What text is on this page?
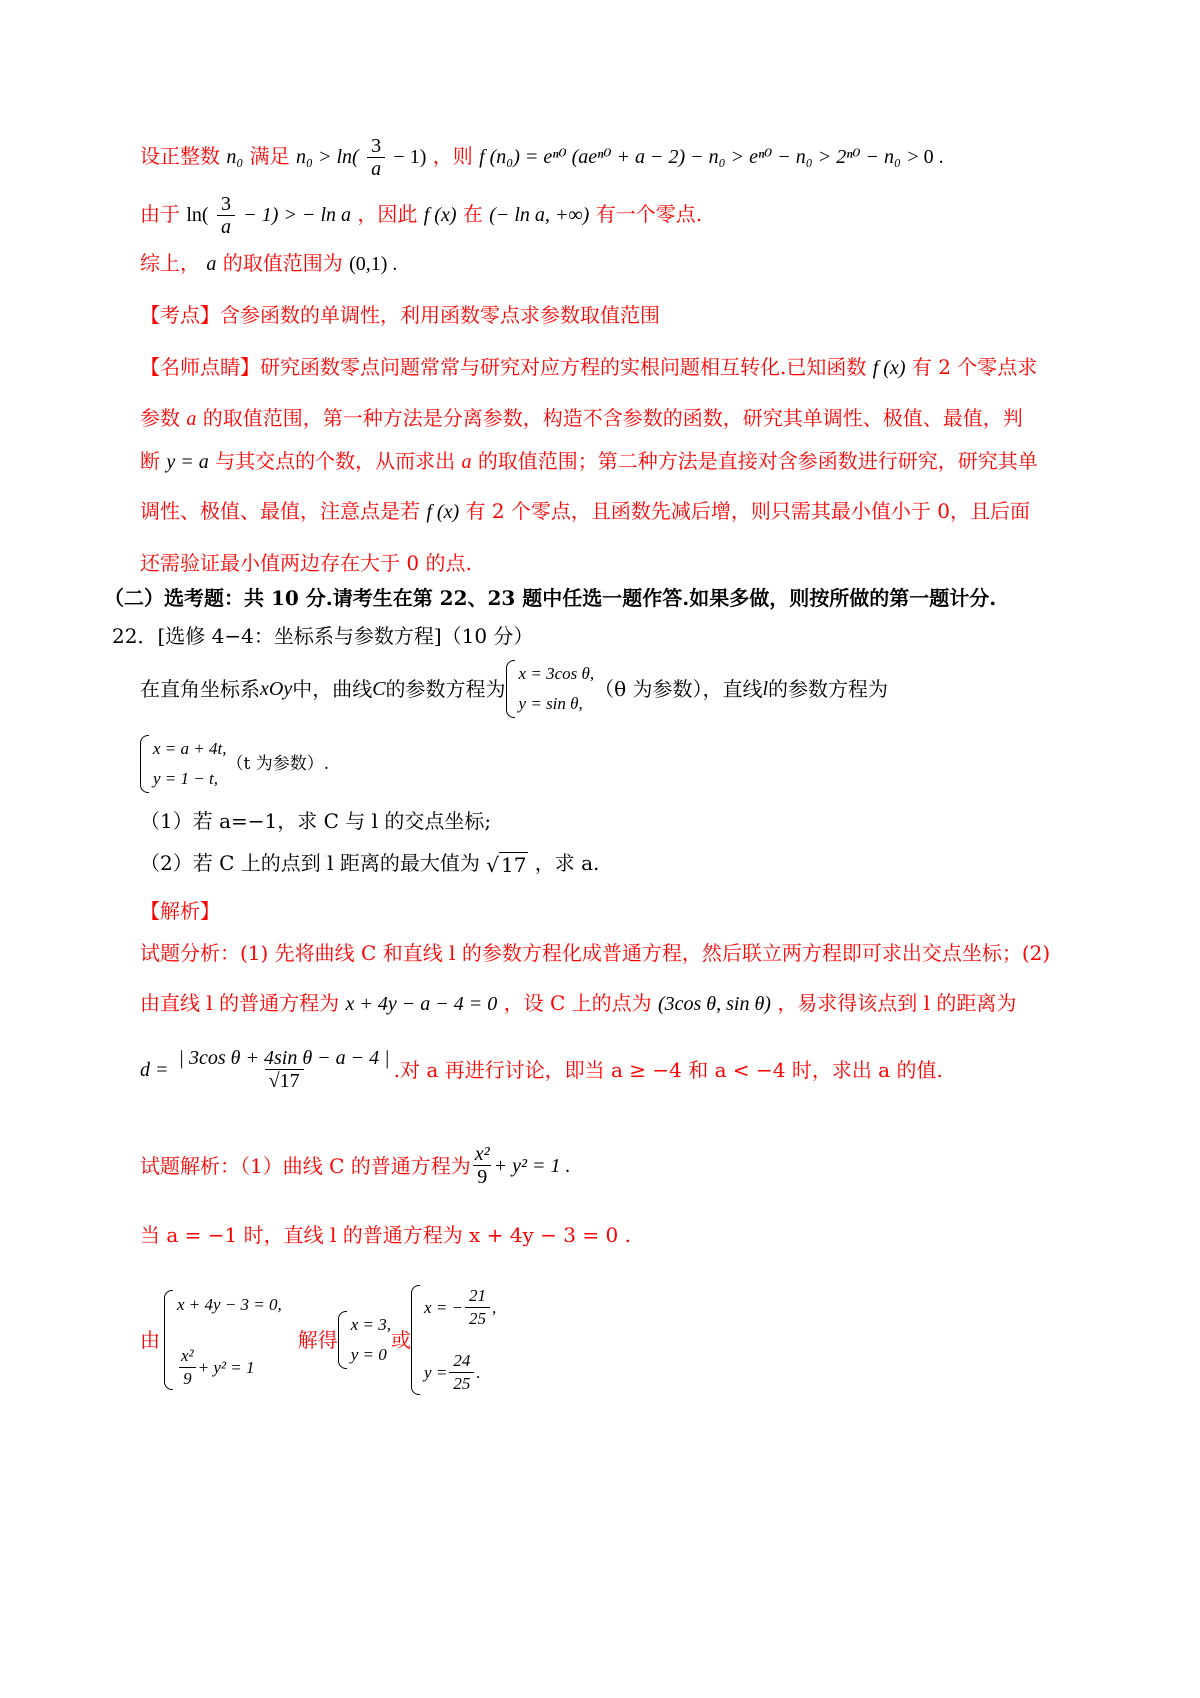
设正整数 n₀ 满足 $n_0 > \ln( \frac{3}{a} - 1)$ ，则 f (n₀) = eⁿ⁰ (aeⁿ⁰ + a − 2) − n₀ > eⁿ⁰ − n₀ > 2ⁿ⁰ − n₀ > 0 .
由于 $\ln( \frac{3}{a} - 1)$ > − ln a ，因此 f (x) 在 (− ln a, +∞) 有一个零点.
综上， a 的取值范围为 (0,1) .
【考点】含参函数的单调性，利用函数零点求参数取值范围
【名师点睛】研究函数零点问题常常与研究对应方程的实根问题相互转化.已知函数 f (x) 有 2 个零点求
参数 a 的取值范围，第一种方法是分离参数，构造不含参数的函数，研究其单调性、极值、最值，判
断 y = a 与其交点的个数，从而求出 a 的取值范围；第二种方法是直接对含参函数进行研究，研究其单
调性、极值、最值，注意点是若 f (x) 有 2 个零点，且函数先减后增，则只需其最小值小于 0，且后面
还需验证最小值两边存在大于 0 的点.
（二）选考题：共 10 分.请考生在第 22、23 题中任选一题作答.如果多做，则按所做的第一题计分.
22．[选修 4−4：坐标系与参数方程]（10 分）
在直角坐标系 xOy 中，曲线 C 的参数方程为
x = 3cos θ,
y = sin θ,
（θ 为参数），直线 l 的参数方程为
x = a + 4t,
y = 1 − t,
（t 为参数）.
（1）若 a=−1，求 C 与 l 的交点坐标;
（2）若 C 上的点到 l 距离的最大值为 √ 17 ，求 a.
【解析】
试题分析：(1) 先将曲线 C 和直线 l 的参数方程化成普通方程，然后联立两方程即可求出交点坐标；(2)
由直线 l 的普通方程为 x + 4y − a − 4 = 0 ，设 C 上的点为 (3cos θ, sin θ) ，易求得该点到 l 的距离为
$d = \frac{\text{| 3cos θ + 4sin θ − a − 4 |}}{√17}$ .对 a 再进行讨论，即当 a ≥ −4 和 a < −4 时，求出 a 的值.
试题解析：（1）曲线 C 的普通方程为 $\frac{\text{x²}}{9} + y^2 = 1$ .
当 a = −1 时，直线 l 的普通方程为 x + 4y − 3 = 0 .
由
x + 4y − 3 = 0,
$\frac{\text{x²}}{9} + y^2 = 1$
解得
x = 3,
y = 0
或
x = − $\frac{21}{25}$ ,
$y = \frac{24}{25}$ .
